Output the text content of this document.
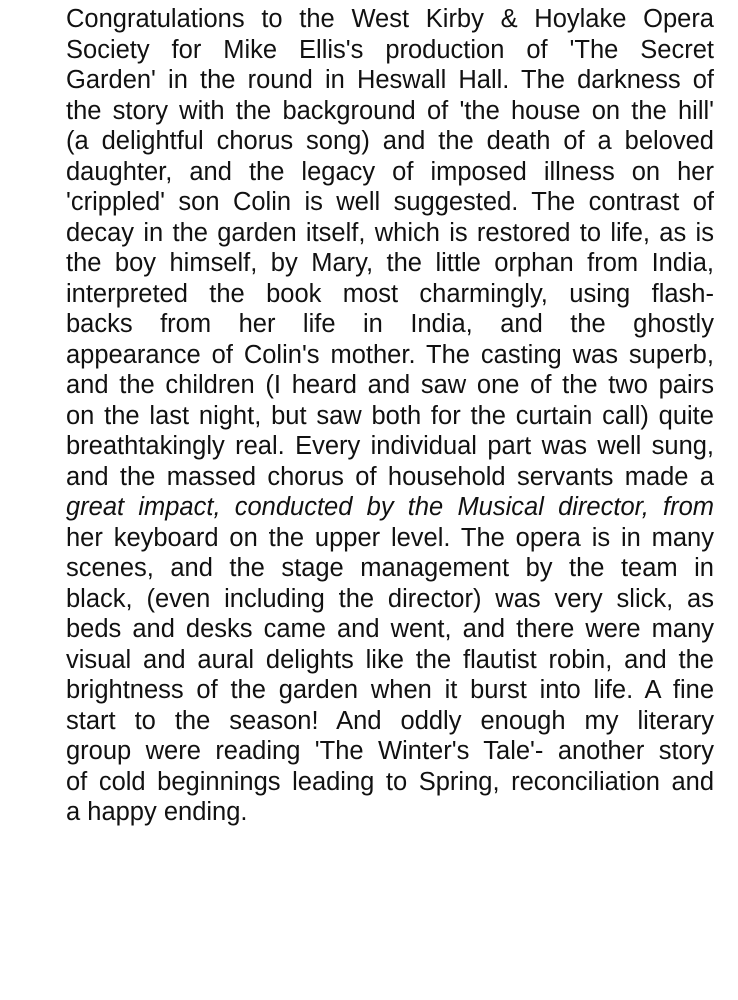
Congratulations to the West Kirby & Hoylake Opera
Society for Mike Ellis's production of 'The Secret
Garden' in the round in Heswall Hall. The darkness of
the story with the background of 'the house on the hill'
(a delightful chorus song) and the death of a beloved
daughter, and the legacy of imposed illness on her
'crippled' son Colin is well suggested. The contrast of
decay in the garden itself, which is restored to life, as is
the boy himself, by Mary, the little orphan from India,
interpreted the book most charmingly, using flash-
backs from her life in India, and the ghostly
appearance of Colin's mother. The casting was superb,
and the children (I heard and saw one of the two pairs
on the last night, but saw both for the curtain call) quite
breathtakingly real. Every individual part was well sung,
and the massed chorus of household servants made a
great impact, conducted by the Musical director, from
her keyboard on the upper level. The opera is in many
scenes, and the stage management by the team in
black, (even including the director) was very slick, as
beds and desks came and went, and there were many
visual and aural delights like the flautist robin, and the
brightness of the garden when it burst into life. A fine
start to the season! And oddly enough my literary
group were reading 'The Winter's Tale'- another story
of cold beginnings leading to Spring, reconciliation and
a happy ending.
